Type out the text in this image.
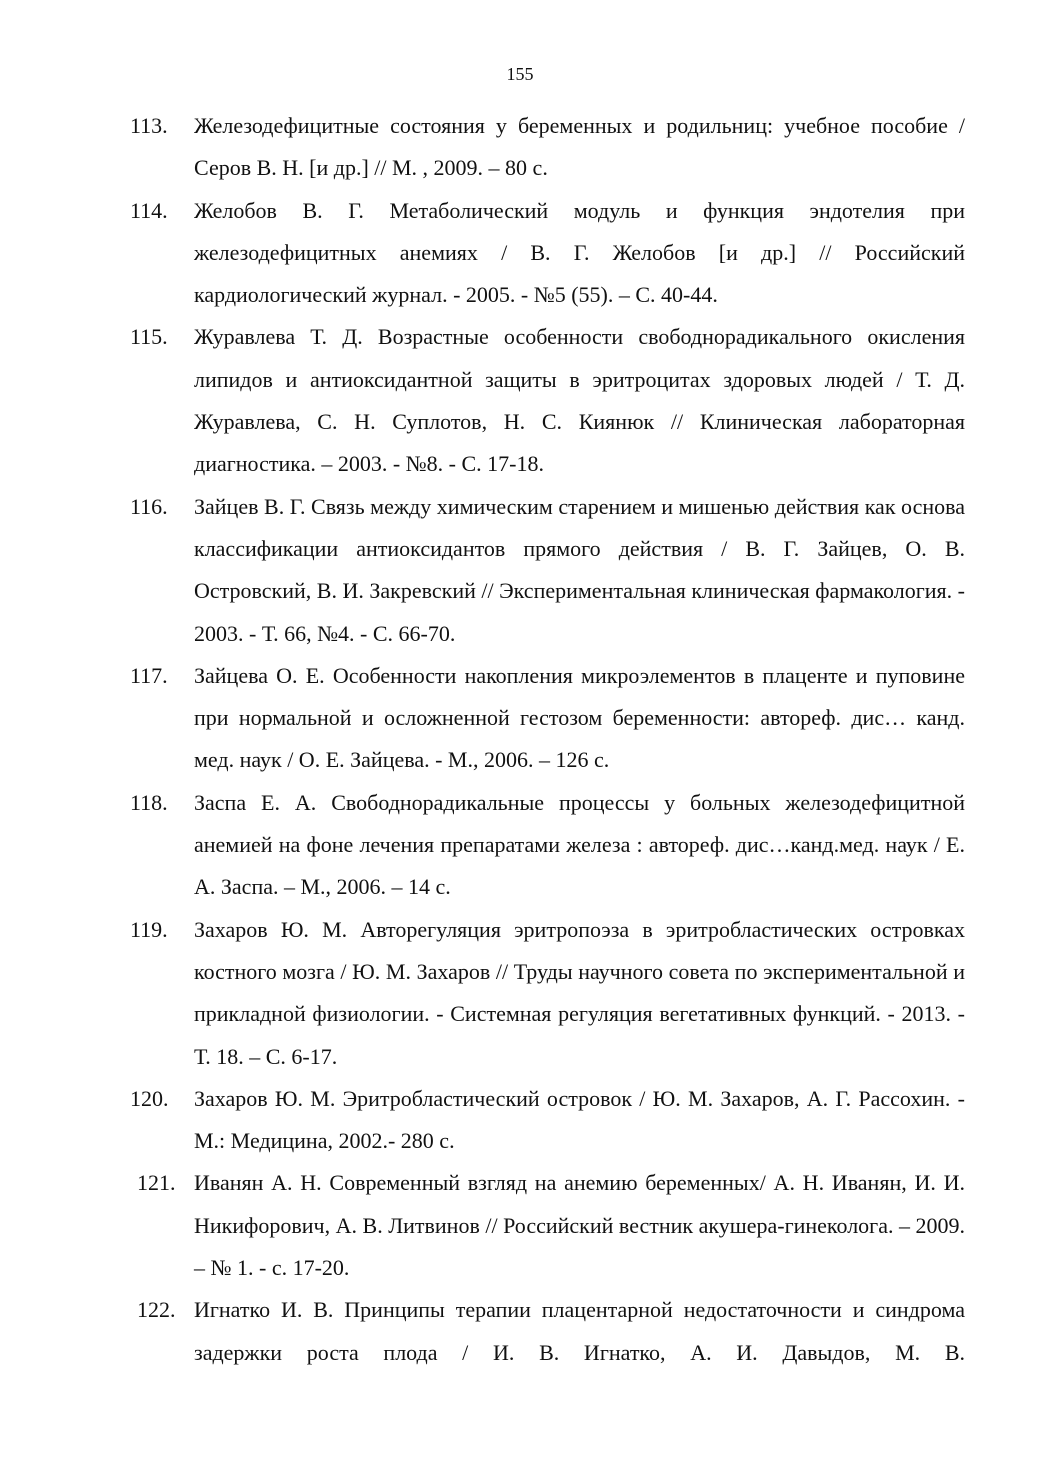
155

113.	Железодефицитные состояния у беременных и родильниц: учебное пособие / Серов В. Н. [и др.] // М. , 2009. – 80 с.

114.	Желобов В. Г. Метаболический модуль и функция эндотелия при железодефицитных анемиях / В. Г. Желобов [и др.] // Российский кардиологический журнал. - 2005. - №5 (55). – С. 40-44.

115.	Журавлева Т. Д. Возрастные особенности свободнорадикального окисления липидов и антиоксидантной защиты в эритроцитах здоровых людей / Т. Д. Журавлева, С. Н. Суплотов, Н. С. Киянюк // Клиническая лабораторная диагностика. – 2003. - №8. - С. 17-18.

116.	Зайцев В. Г. Связь между химическим старением и мишенью действия как основа классификации антиоксидантов прямого действия / В. Г. Зайцев, О. В. Островский, В. И. Закревский // Экспериментальная клиническая фармакология. - 2003. - Т. 66, №4. - С. 66-70.

117.	Зайцева О. Е. Особенности накопления микроэлементов в плаценте и пуповине при нормальной и осложненной гестозом беременности: автореф. дис… канд. мед. наук / О. Е. Зайцева. - М., 2006. – 126 с.

118.	Заспа Е. А. Свободнорадикальные процессы у больных железодефицитной анемией на фоне лечения препаратами железа : автореф. дис…канд.мед. наук / Е. А. Заспа. – М., 2006. – 14 с.

119.	Захаров Ю. М. Авторегуляция эритропоэза в эритробластических островках костного мозга / Ю. М. Захаров // Труды научного совета по экспериментальной и прикладной физиологии. - Системная регуляция вегетативных функций. - 2013. - Т. 18. – С. 6-17.

120.	Захаров Ю. М. Эритробластический островок / Ю. М. Захаров, А. Г. Рассохин. - М.: Медицина, 2002.- 280 с.

121. Иванян А. Н. Современный взгляд на анемию беременных/ А. Н. Иванян, И. И. Никифорович, А. В. Литвинов // Российский вестник акушера-гинеколога. – 2009. – № 1. - с. 17-20.

122. Игнатко И. В. Принципы терапии плацентарной недостаточности и синдрома задержки роста плода / И. В. Игнатко, А. И. Давыдов, М. В.
